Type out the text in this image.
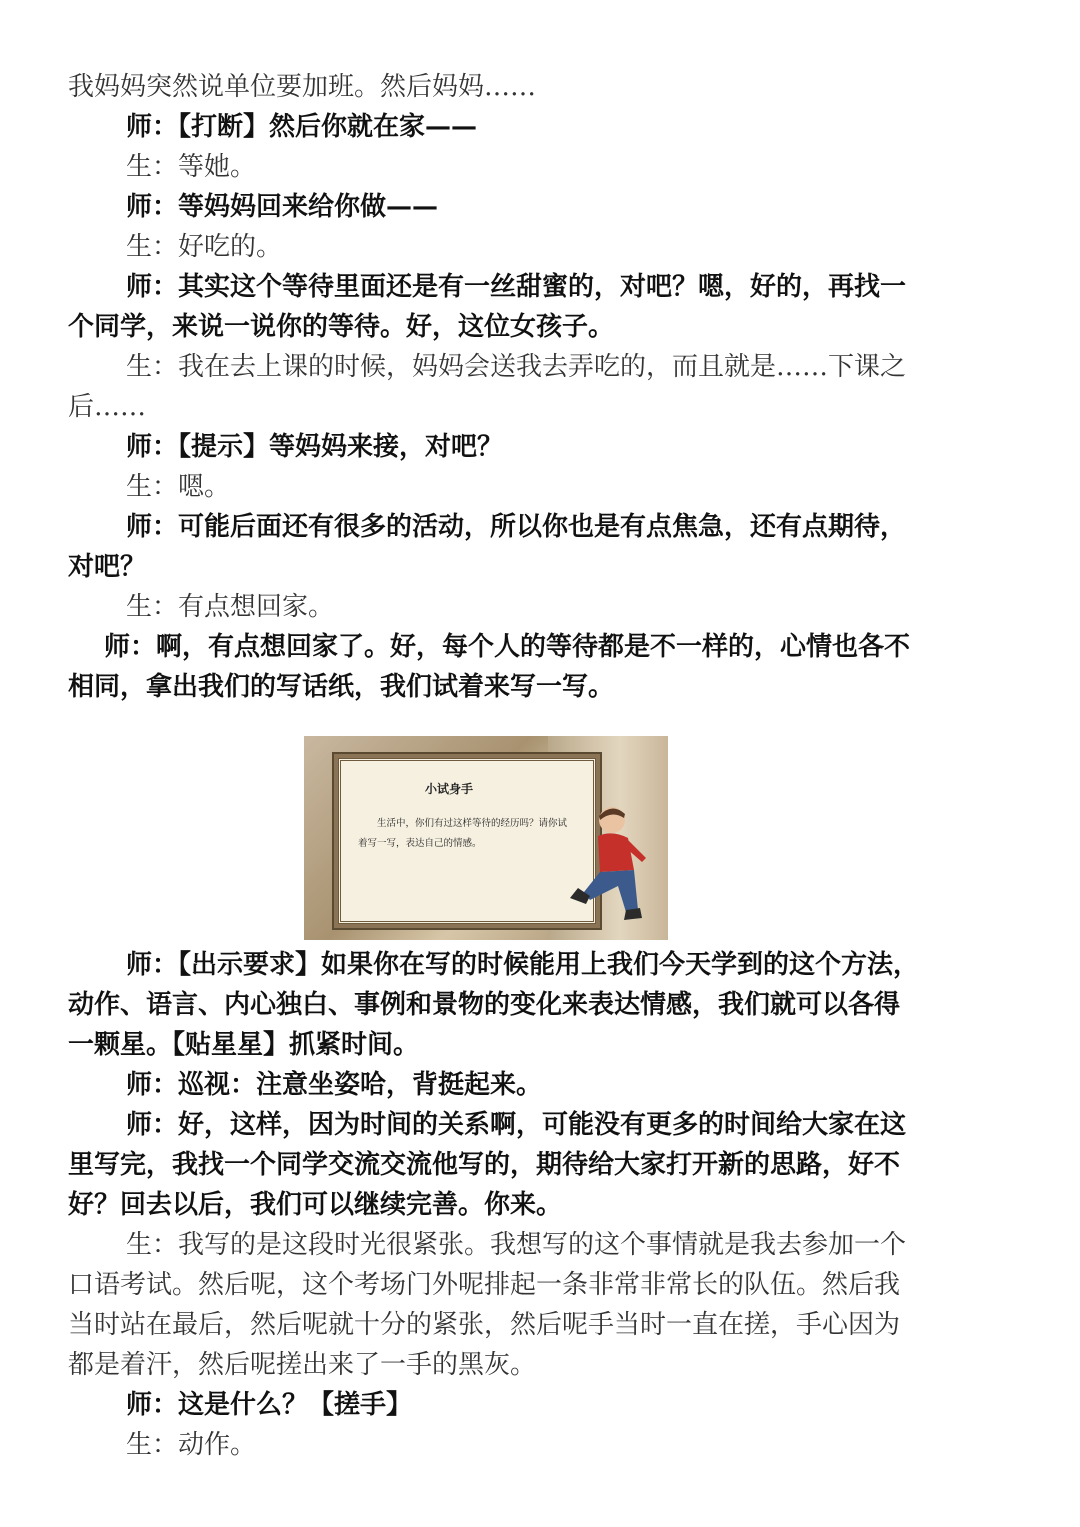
我妈妈突然说单位要加班。然后妈妈……
师：【打断】然后你就在家——
生：等她。
师：等妈妈回来给你做——
生：好吃的。
师：其实这个等待里面还是有一丝甜蜜的，对吧？嗯，好的，再找一
个同学，来说一说你的等待。好，这位女孩子。
生：我在去上课的时候，妈妈会送我去弄吃的，而且就是……下课之
后……
师：【提示】等妈妈来接，对吧？
生：嗯。
师：可能后面还有很多的活动，所以你也是有点焦急，还有点期待，
对吧？
生：有点想回家。
师：啊，有点想回家了。好，每个人的等待都是不一样的，心情也各不
相同，拿出我们的写话纸，我们试着来写一写。
小试身手
生活中，你们有过这样等待的经历吗？请你试着写一写，表达自己的情感。
师：【出示要求】如果你在写的时候能用上我们今天学到的这个方法，
动作、语言、内心独白、事例和景物的变化来表达情感，我们就可以各得
一颗星。【贴星星】抓紧时间。
师：巡视：注意坐姿哈，背挺起来。
师：好，这样，因为时间的关系啊，可能没有更多的时间给大家在这
里写完，我找一个同学交流交流他写的，期待给大家打开新的思路，好不
好？回去以后，我们可以继续完善。你来。
生：我写的是这段时光很紧张。我想写的这个事情就是我去参加一个
口语考试。然后呢，这个考场门外呢排起一条非常非常长的队伍。然后我
当时站在最后，然后呢就十分的紧张，然后呢手当时一直在搓，手心因为
都是着汗，然后呢搓出来了一手的黑灰。
师：这是什么？【搓手】
生：动作。
